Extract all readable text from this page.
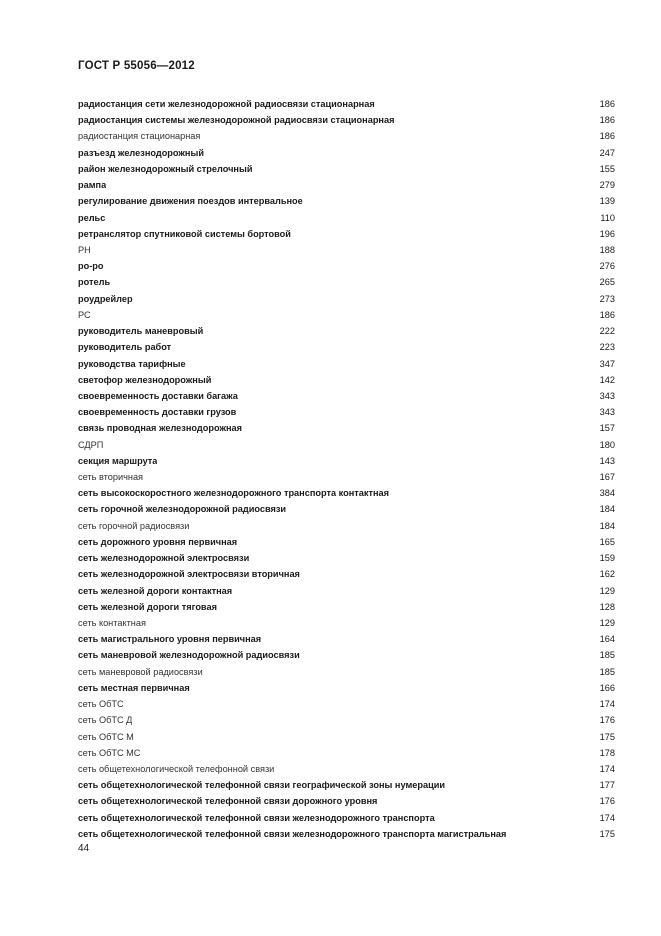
ГОСТ Р 55056—2012
радиостанция сети железнодорожной радиосвязи стационарная	186
радиостанция системы железнодорожной радиосвязи стационарная	186
радиостанция стационарная	186
разъезд железнодорожный	247
район железнодорожный стрелочный	155
рампа	279
регулирование движения поездов интервальное	139
рельс	110
ретранслятор спутниковой системы бортовой	196
РН	188
ро-ро	276
ротель	265
роудрейлер	273
РС	186
руководитель маневровый	222
руководитель работ	223
руководства тарифные	347
светофор железнодорожный	142
своевременность доставки багажа	343
своевременность доставки грузов	343
связь проводная железнодорожная	157
СДРП	180
секция маршрута	143
сеть вторичная	167
сеть высокоскоростного железнодорожного транспорта контактная	384
сеть горочной железнодорожной радиосвязи	184
сеть горочной радиосвязи	184
сеть дорожного уровня первичная	165
сеть железнодорожной электросвязи	159
сеть железнодорожной электросвязи вторичная	162
сеть железной дороги контактная	129
сеть железной дороги тяговая	128
сеть контактная	129
сеть магистрального уровня первичная	164
сеть маневровой железнодорожной радиосвязи	185
сеть маневровой радиосвязи	185
сеть местная первичная	166
сеть ОбТС	174
сеть ОбТС Д	176
сеть ОбТС М	175
сеть ОбТС МС	178
сеть общетехнологической телефонной связи	174
сеть общетехнологической телефонной связи географической зоны нумерации	177
сеть общетехнологической телефонной связи дорожного уровня	176
сеть общетехнологической телефонной связи железнодорожного транспорта	174
сеть общетехнологической телефонной связи железнодорожного транспорта магистральная	175
44
